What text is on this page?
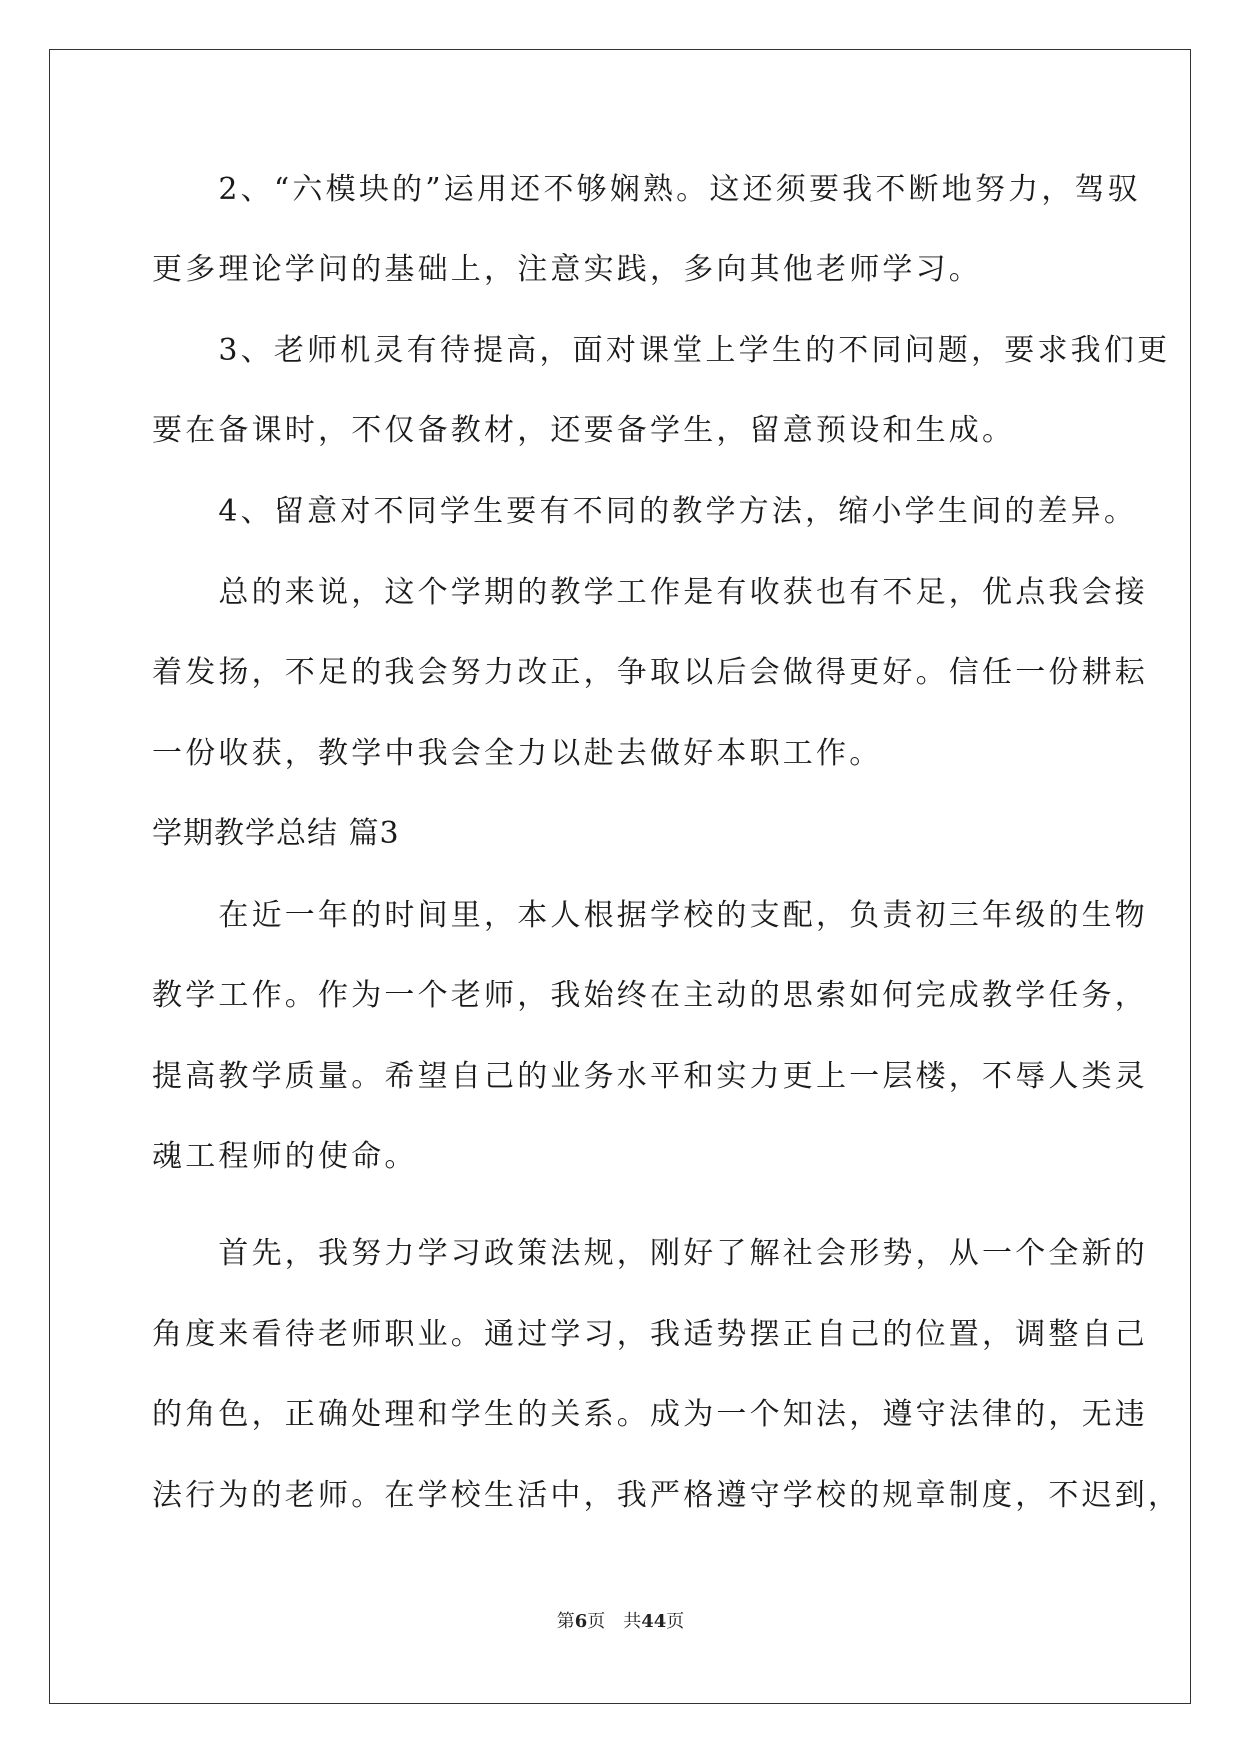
　　2、“六模块的”运用还不够娴熟。这还须要我不断地努力，驾驭
更多理论学问的基础上，注意实践，多向其他老师学习。
　　3、老师机灵有待提高，面对课堂上学生的不同问题，要求我们更
要在备课时，不仅备教材，还要备学生，留意预设和生成。
　　4、留意对不同学生要有不同的教学方法，缩小学生间的差异。
　　总的来说，这个学期的教学工作是有收获也有不足，优点我会接
着发扬，不足的我会努力改正，争取以后会做得更好。信任一份耕耘
一份收获，教学中我会全力以赴去做好本职工作。
学期教学总结 篇3
　　在近一年的时间里，本人根据学校的支配，负责初三年级的生物
教学工作。作为一个老师，我始终在主动的思索如何完成教学任务，
提高教学质量。希望自己的业务水平和实力更上一层楼，不辱人类灵
魂工程师的使命。
　　首先，我努力学习政策法规，刚好了解社会形势，从一个全新的
角度来看待老师职业。通过学习，我适势摆正自己的位置，调整自己
的角色，正确处理和学生的关系。成为一个知法，遵守法律的，无违
法行为的老师。在学校生活中，我严格遵守学校的规章制度，不迟到，
第6页　共44页
